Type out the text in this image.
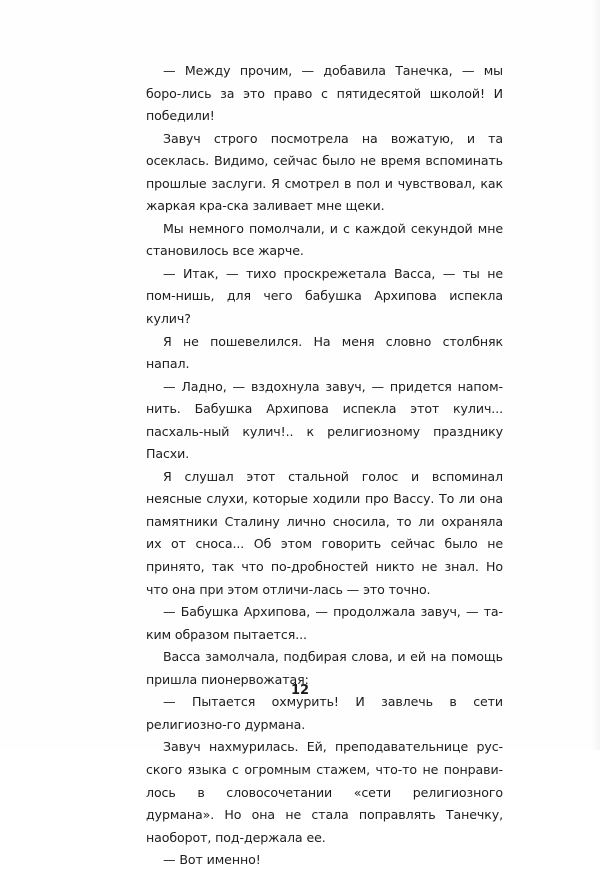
— Между прочим, — добавила Танечка, — мы боро-лись за это право с пятидесятой школой! И победили!

Завуч строго посмотрела на вожатую, и та осеклась. Видимо, сейчас было не время вспоминать прошлые заслуги. Я смотрел в пол и чувствовал, как жаркая кра-ска заливает мне щеки.

Мы немного помолчали, и с каждой секундой мне становилось все жарче.

— Итак, — тихо проскрежетала Васса, — ты не пом-нишь, для чего бабушка Архипова испекла кулич?

Я не пошевелился. На меня словно столбняк напал.

— Ладно, — вздохнула завуч, — придется напом-нить. Бабушка Архипова испекла этот кулич... пасхаль-ный кулич!.. к религиозному празднику Пасхи.

Я слушал этот стальной голос и вспоминал неясные слухи, которые ходили про Вассу. То ли она памятники Сталину лично сносила, то ли охраняла их от сноса... Об этом говорить сейчас было не принято, так что по-дробностей никто не знал. Но что она при этом отличи-лась — это точно.

— Бабушка Архипова, — продолжала завуч, — та-ким образом пытается...

Васса замолчала, подбирая слова, и ей на помощь пришла пионервожатая:

— Пытается охмурить! И завлечь в сети религиозно-го дурмана.

Завуч нахмурилась. Ей, преподавательнице рус-ского языка с огромным стажем, что-то не понрави-лось в словосочетании «сети религиозного дурмана». Но она не стала поправлять Танечку, наоборот, под-держала ее.

— Вот именно!

12
